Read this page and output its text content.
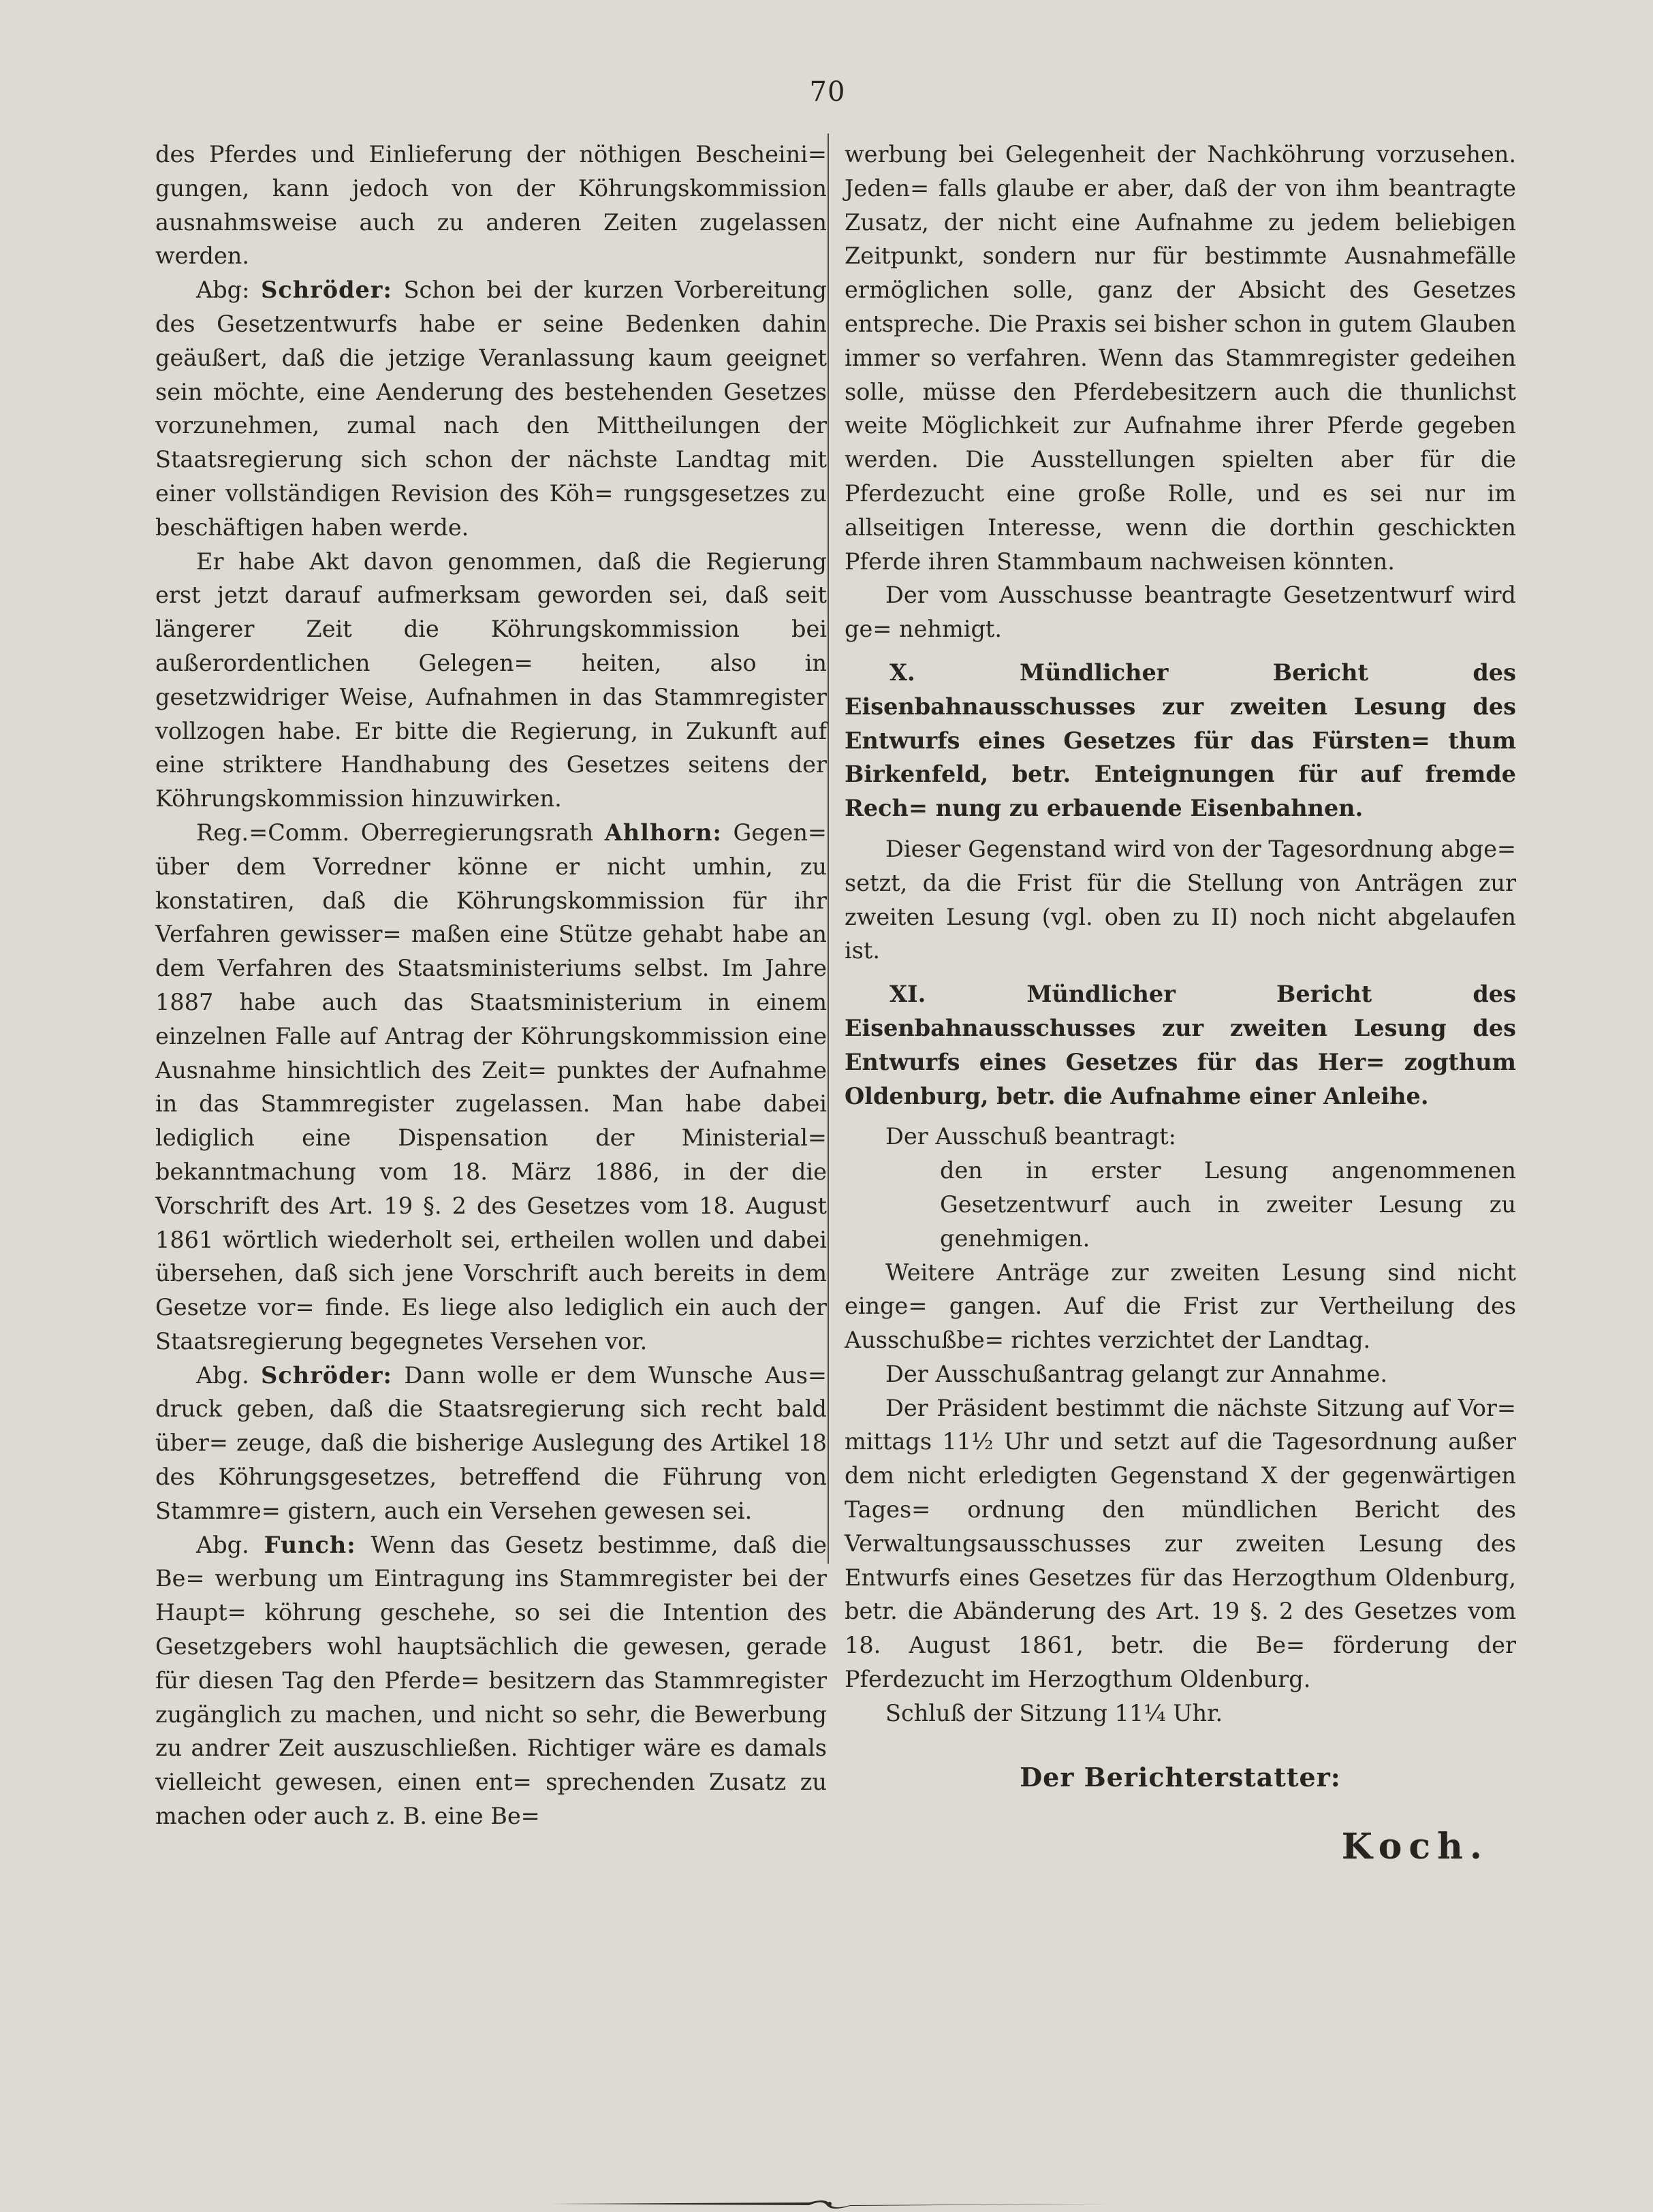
70

des Pferdes und Einlieferung der nöthigen Bescheini= gungen, kann jedoch von der Köhrungskommission ausnahmsweise auch zu anderen Zeiten zugelassen werden.

Abg: Schröder: Schon bei der kurzen Vorbereitung des Gesetzentwurfs habe er seine Bedenken dahin geäußert, daß die jetzige Veranlassung kaum geeignet sein möchte, eine Aenderung des bestehenden Gesetzes vorzunehmen, zumal nach den Mittheilungen der Staatsregierung sich schon der nächste Landtag mit einer vollständigen Revision des Köh= rungsgesetzes zu beschäftigen haben werde.

Er habe Akt davon genommen, daß die Regierung erst jetzt darauf aufmerksam geworden sei, daß seit längerer Zeit die Köhrungskommission bei außerordentlichen Gelegen= heiten, also in gesetzwidriger Weise, Aufnahmen in das Stammregister vollzogen habe. Er bitte die Regierung, in Zukunft auf eine striktere Handhabung des Gesetzes seitens der Köhrungskommission hinzuwirken.

Reg.=Comm. Oberregierungsrath Ahlhorn: Gegen= über dem Vorredner könne er nicht umhin, zu konstatiren, daß die Köhrungskommission für ihr Verfahren gewisser= maßen eine Stütze gehabt habe an dem Verfahren des Staatsministeriums selbst. Im Jahre 1887 habe auch das Staatsministerium in einem einzelnen Falle auf Antrag der Köhrungskommission eine Ausnahme hinsichtlich des Zeit= punktes der Aufnahme in das Stammregister zugelassen. Man habe dabei lediglich eine Dispensation der Ministerial= bekanntmachung vom 18. März 1886, in der die Vorschrift des Art. 19 §. 2 des Gesetzes vom 18. August 1861 wörtlich wiederholt sei, ertheilen wollen und dabei übersehen, daß sich jene Vorschrift auch bereits in dem Gesetze vor= finde. Es liege also lediglich ein auch der Staatsregierung begegnetes Versehen vor.

Abg. Schröder: Dann wolle er dem Wunsche Aus= druck geben, daß die Staatsregierung sich recht bald über= zeuge, daß die bisherige Auslegung des Artikel 18 des Köhrungsgesetzes, betreffend die Führung von Stammre= gistern, auch ein Versehen gewesen sei.

Abg. Funch: Wenn das Gesetz bestimme, daß die Be= werbung um Eintragung ins Stammregister bei der Haupt= köhrung geschehe, so sei die Intention des Gesetzgebers wohl hauptsächlich die gewesen, gerade für diesen Tag den Pferde= besitzern das Stammregister zugänglich zu machen, und nicht so sehr, die Bewerbung zu andrer Zeit auszuschließen. Richtiger wäre es damals vielleicht gewesen, einen ent= sprechenden Zusatz zu machen oder auch z. B. eine Be=

werbung bei Gelegenheit der Nachköhrung vorzusehen. Jeden= falls glaube er aber, daß der von ihm beantragte Zusatz, der nicht eine Aufnahme zu jedem beliebigen Zeitpunkt, sondern nur für bestimmte Ausnahmefälle ermöglichen solle, ganz der Absicht des Gesetzes entspreche. Die Praxis sei bisher schon in gutem Glauben immer so verfahren. Wenn das Stammregister gedeihen solle, müsse den Pferdebesitzern auch die thunlichst weite Möglichkeit zur Aufnahme ihrer Pferde gegeben werden. Die Ausstellungen spielten aber für die Pferdezucht eine große Rolle, und es sei nur im allseitigen Interesse, wenn die dorthin geschickten Pferde ihren Stammbaum nachweisen könnten.

Der vom Ausschusse beantragte Gesetzentwurf wird ge= nehmigt.

X. Mündlicher Bericht des Eisenbahnausschusses zur zweiten Lesung des Entwurfs eines Gesetzes für das Fürsten= thum Birkenfeld, betr. Enteignungen für auf fremde Rech= nung zu erbauende Eisenbahnen.

Dieser Gegenstand wird von der Tagesordnung abge= setzt, da die Frist für die Stellung von Anträgen zur zweiten Lesung (vgl. oben zu II) noch nicht abgelaufen ist.

XI. Mündlicher Bericht des Eisenbahnausschusses zur zweiten Lesung des Entwurfs eines Gesetzes für das Her= zogthum Oldenburg, betr. die Aufnahme einer Anleihe.

Der Ausschuß beantragt:

den in erster Lesung angenommenen Gesetzentwurf auch in zweiter Lesung zu genehmigen.

Weitere Anträge zur zweiten Lesung sind nicht einge= gangen. Auf die Frist zur Vertheilung des Ausschußbe= richtes verzichtet der Landtag.

Der Ausschußantrag gelangt zur Annahme.

Der Präsident bestimmt die nächste Sitzung auf Vor= mittags 11½ Uhr und setzt auf die Tagesordnung außer dem nicht erledigten Gegenstand X der gegenwärtigen Tages= ordnung den mündlichen Bericht des Verwaltungsausschusses zur zweiten Lesung des Entwurfs eines Gesetzes für das Herzogthum Oldenburg, betr. die Abänderung des Art. 19 §. 2 des Gesetzes vom 18. August 1861, betr. die Be= förderung der Pferdezucht im Herzogthum Oldenburg.

Schluß der Sitzung 11¼ Uhr.

Der Berichterstatter:

Koch.
